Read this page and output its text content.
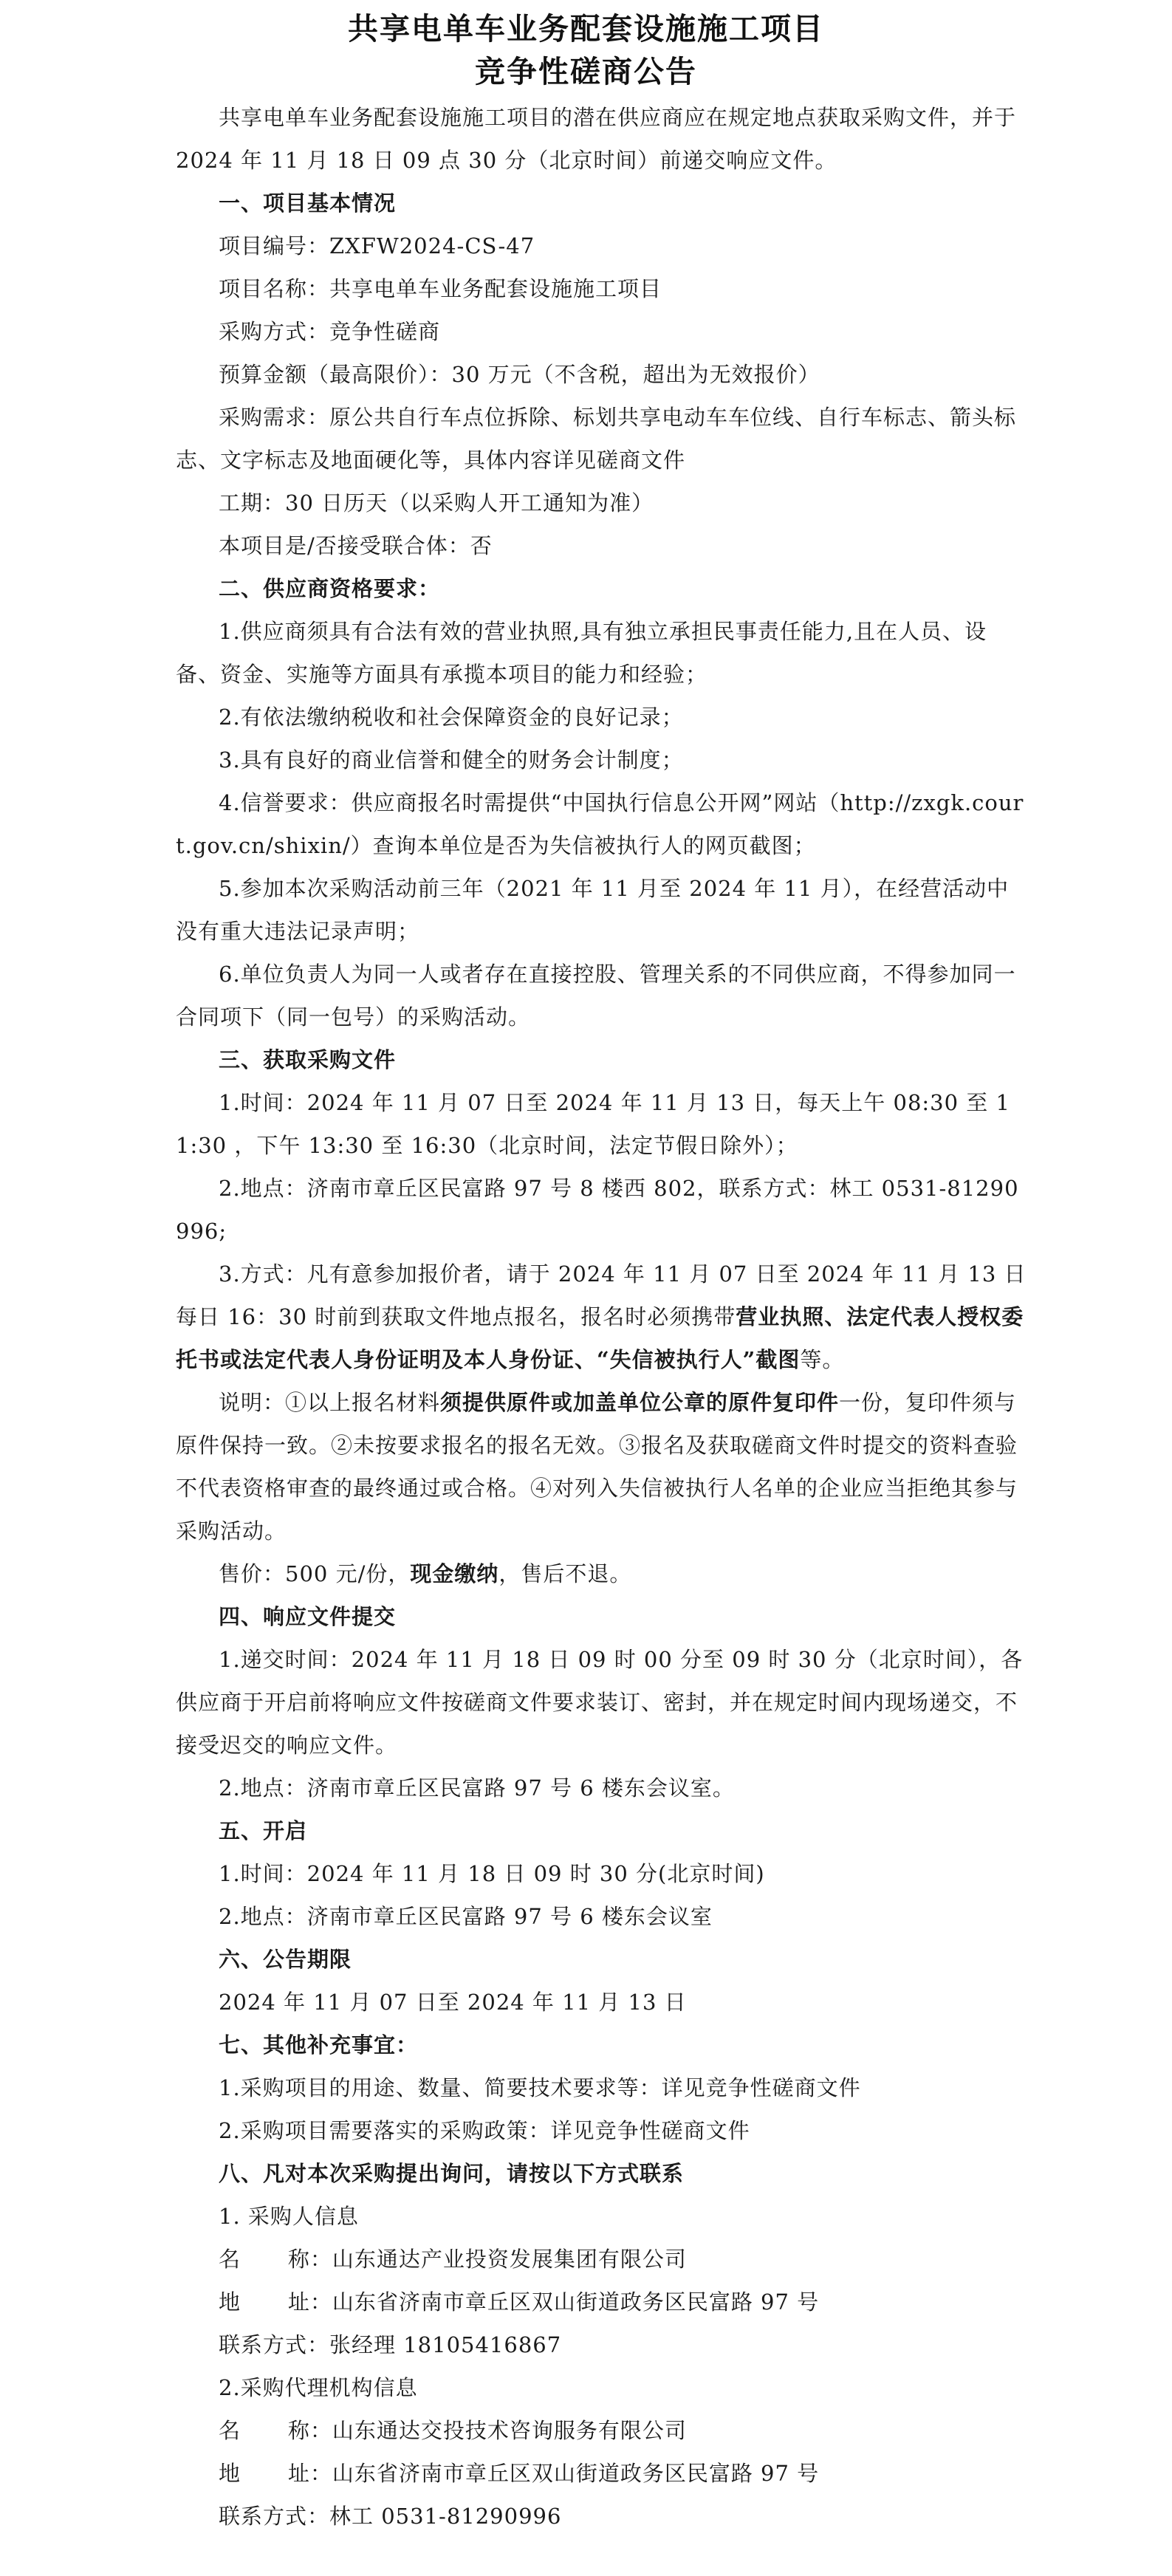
共享电单车业务配套设施施工项目
竞争性磋商公告

共享电单车业务配套设施施工项目的潜在供应商应在规定地点获取采购文件，并于 2024 年 11 月 18 日 09 点 30 分（北京时间）前递交响应文件。

一、项目基本情况

项目编号：ZXFW2024-CS-47

项目名称：共享电单车业务配套设施施工项目

采购方式：竞争性磋商

预算金额（最高限价）：30 万元（不含税，超出为无效报价）

采购需求：原公共自行车点位拆除、标划共享电动车车位线、自行车标志、箭头标志、文字标志及地面硬化等，具体内容详见磋商文件

工期：30 日历天（以采购人开工通知为准）

本项目是/否接受联合体：否

二、供应商资格要求：

1.供应商须具有合法有效的营业执照,具有独立承担民事责任能力,且在人员、设备、资金、实施等方面具有承揽本项目的能力和经验；

2.有依法缴纳税收和社会保障资金的良好记录；

3.具有良好的商业信誉和健全的财务会计制度；

4.信誉要求：供应商报名时需提供“中国执行信息公开网”网站（http://zxgk.court.gov.cn/shixin/）查询本单位是否为失信被执行人的网页截图；

5.参加本次采购活动前三年（2021 年 11 月至 2024 年 11 月），在经营活动中没有重大违法记录声明；

6.单位负责人为同一人或者存在直接控股、管理关系的不同供应商，不得参加同一合同项下（同一包号）的采购活动。

三、获取采购文件

1.时间：2024 年 11 月 07 日至 2024 年 11 月 13 日，每天上午 08:30 至 11:30 ，下午 13:30 至 16:30（北京时间，法定节假日除外）；

2.地点：济南市章丘区民富路 97 号 8 楼西 802，联系方式：林工 0531-81290996;

3.方式：凡有意参加报价者，请于 2024 年 11 月 07 日至 2024 年 11 月 13 日每日 16：30 时前到获取文件地点报名，报名时必须携带营业执照、法定代表人授权委托书或法定代表人身份证明及本人身份证、“失信被执行人”截图等。

说明：①以上报名材料须提供原件或加盖单位公章的原件复印件一份，复印件须与原件保持一致。②未按要求报名的报名无效。③报名及获取磋商文件时提交的资料查验不代表资格审查的最终通过或合格。④对列入失信被执行人名单的企业应当拒绝其参与采购活动。

售价：500 元/份，现金缴纳，售后不退。

四、响应文件提交

1.递交时间：2024 年 11 月 18 日 09 时 00 分至 09 时 30 分（北京时间），各供应商于开启前将响应文件按磋商文件要求装订、密封，并在规定时间内现场递交，不接受迟交的响应文件。

2.地点：济南市章丘区民富路 97 号 6 楼东会议室。

五、开启

1.时间：2024 年 11 月 18 日 09 时 30 分(北京时间)

2.地点：济南市章丘区民富路 97 号 6 楼东会议室

六、公告期限

2024 年 11 月 07 日至 2024 年 11 月 13 日

七、其他补充事宜：

1.采购项目的用途、数量、简要技术要求等：详见竞争性磋商文件

2.采购项目需要落实的采购政策：详见竞争性磋商文件

八、凡对本次采购提出询问，请按以下方式联系

1. 采购人信息

名 称：山东通达产业投资发展集团有限公司

地 址：山东省济南市章丘区双山街道政务区民富路 97 号

联系方式：张经理 18105416867

2.采购代理机构信息

名 称：山东通达交投技术咨询服务有限公司

地 址：山东省济南市章丘区双山街道政务区民富路 97 号

联系方式：林工 0531-81290996
